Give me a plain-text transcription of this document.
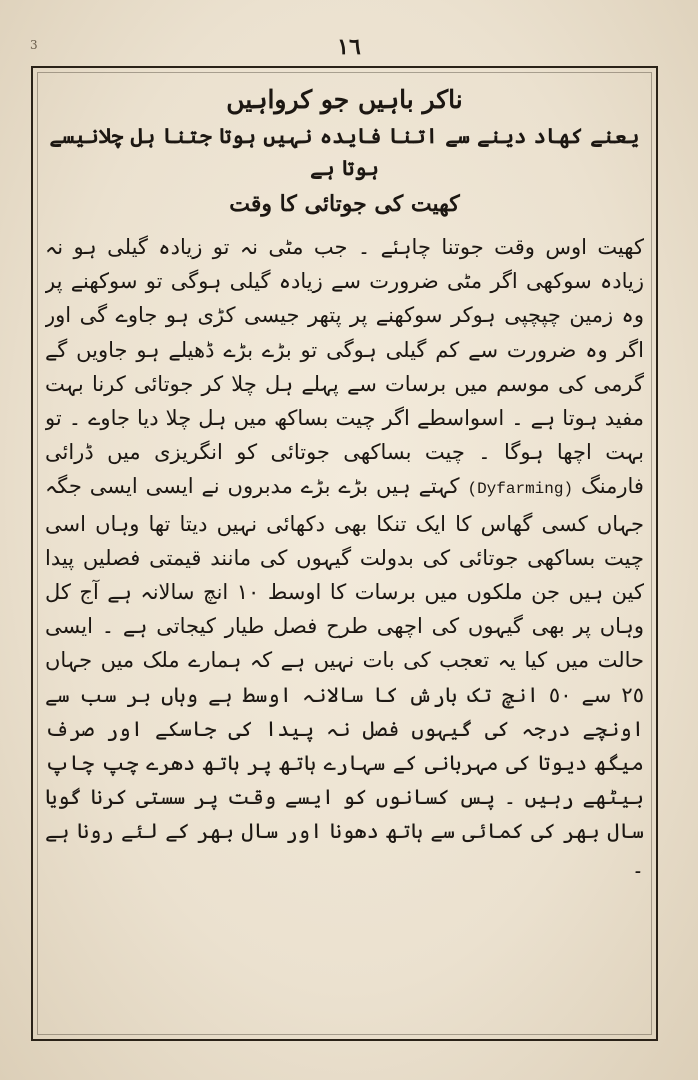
3	١٦

ناکر باہیں جو کرواہیں

یعنے کھاد دینے سے اتنا فایدہ نہیں ہوتا جتنا ہل چلانیسے ہوتا ہے

کھیت کی جوتائی کا وقت

کھیت اوس وقت جوتنا چاہئے ۔ جب مٹی نہ تو زیادہ گیلی ہو نہ زیادہ سوکھی اگر مٹی ضرورت سے زیادہ گیلی ہوگی تو سوکھنے پر وہ زمین چپچپی ہوکر سوکھنے پر پتھر جیسی کڑی ہو جاوے گی اور اگر وہ ضرورت سے کم گیلی ہوگی تو بڑے بڑے ڈھیلے ہو جاویں گے گرمی کی موسم میں برسات سے پہلے ہل چلا کر جوتائی کرنا بہت مفید ہوتا ہے ۔ اسواسطے اگر چیت بساکھ میں ہل چلا دیا جاوے ۔ تو بہت اچھا ہوگا ۔ چیت بساکھی جوتائی کو انگریزی میں ڈرائی فارمنگ (Dyfarming) کہتے ہیں بڑے بڑے مدبروں نے ایسی ایسی جگہ جہاں کسی گھاس کا ایک تنکا بھی دکھائی نہیں دیتا تھا وہاں اسی چیت بساکھی جوتائی کی بدولت گیہوں کی مانند قیمتی فصلیں پیدا کین ہیں جن ملکوں میں برسات کا اوسط ١٠ انچ سالانہ ہے آج کل وہاں پر بھی گیہوں کی اچھی طرح فصل طیار کیجاتی ہے ۔ ایسی حالت میں کیا یہ تعجب کی بات نہیں ہے کہ ہمارے ملک میں جہاں ٢٥ سے ٥٠ انچ تک بارش کا سالانہ اوسط ہے وہاں بر سب سے اونچے درجہ کی گیہوں فصل نہ پیدا کی جاسکے اور صرف میگھ دیوتا کی مہربانی کے سہارے ہاتھ پر ہاتھ دھرے چپ چاپ بیٹھے رہیں ۔ پس کسانوں کو ایسے وقت پر سستی کرنا گویا سال بھر کی کمائی سے ہاتھ دھونا اور سال بھر کے لئے رونا ہے ۔
